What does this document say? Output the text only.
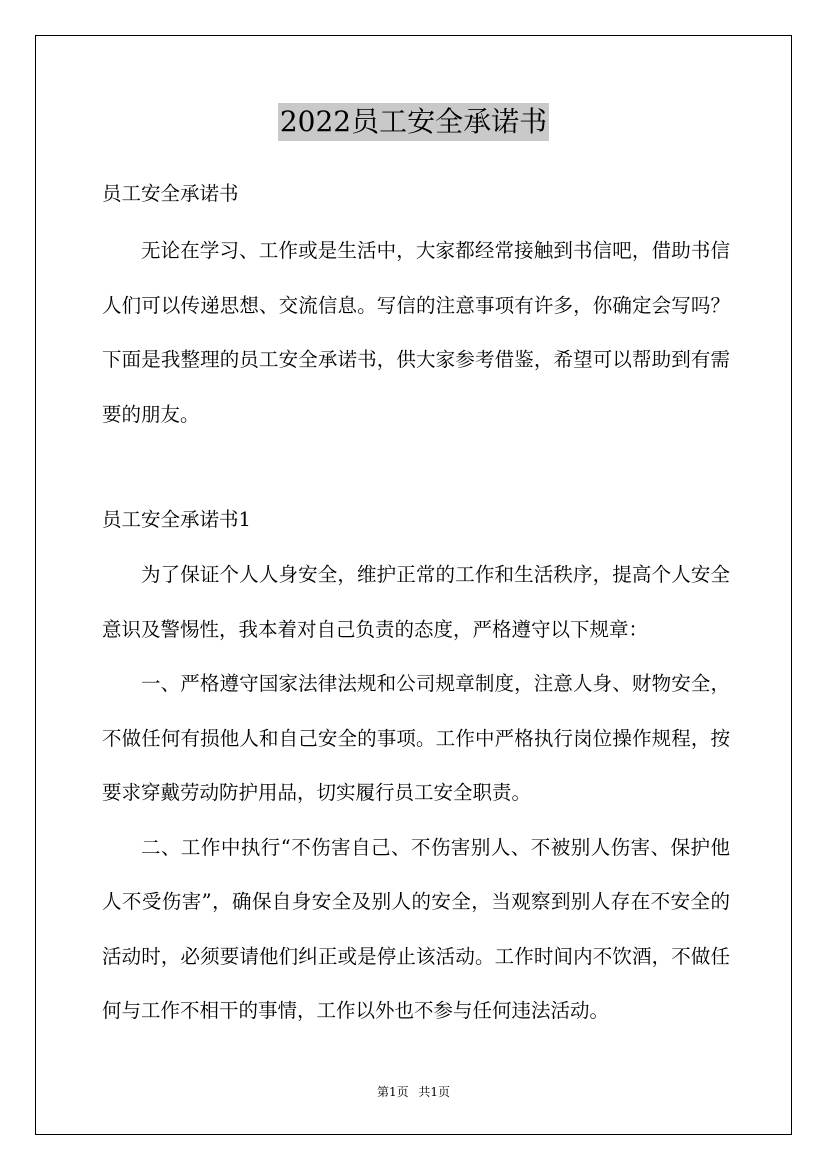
2022员工安全承诺书

员工安全承诺书

无论在学习、工作或是生活中，大家都经常接触到书信吧，借助书信人们可以传递思想、交流信息。写信的注意事项有许多，你确定会写吗？下面是我整理的员工安全承诺书，供大家参考借鉴，希望可以帮助到有需要的朋友。

员工安全承诺书1

为了保证个人人身安全，维护正常的工作和生活秩序，提高个人安全意识及警惕性，我本着对自己负责的态度，严格遵守以下规章：

一、严格遵守国家法律法规和公司规章制度，注意人身、财物安全，不做任何有损他人和自己安全的事项。工作中严格执行岗位操作规程，按要求穿戴劳动防护用品，切实履行员工安全职责。

二、工作中执行“不伤害自己、不伤害别人、不被别人伤害、保护他人不受伤害”，确保自身安全及别人的安全，当观察到别人存在不安全的活动时，必须要请他们纠正或是停止该活动。工作时间内不饮酒，不做任何与工作不相干的事情，工作以外也不参与任何违法活动。

第1页 共1页
